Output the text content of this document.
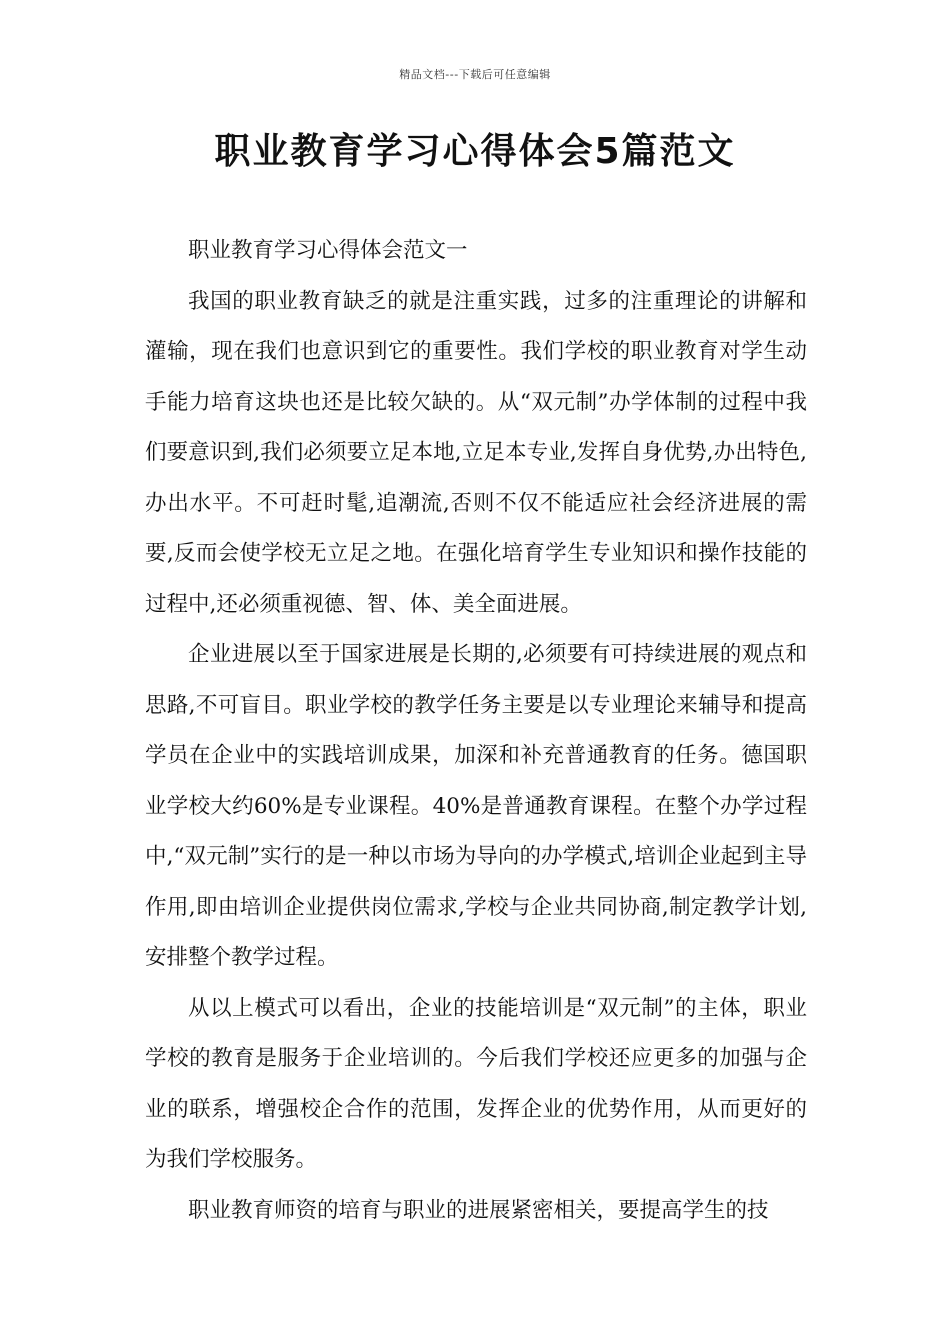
精品文档---下载后可任意编辑
职业教育学习心得体会5篇范文

职业教育学习心得体会范文一

我国的职业教育缺乏的就是注重实践，过多的注重理论的讲解和灌输，现在我们也意识到它的重要性。我们学校的职业教育对学生动手能力培育这块也还是比较欠缺的。从“双元制”办学体制的过程中我们要意识到,我们必须要立足本地,立足本专业,发挥自身优势,办出特色,办出水平。不可赶时髦,追潮流,否则不仅不能适应社会经济进展的需要,反而会使学校无立足之地。在强化培育学生专业知识和操作技能的过程中,还必须重视德、智、体、美全面进展。

企业进展以至于国家进展是长期的,必须要有可持续进展的观点和思路,不可盲目。职业学校的教学任务主要是以专业理论来辅导和提高学员在企业中的实践培训成果，加深和补充普通教育的任务。德国职业学校大约60%是专业课程。40%是普通教育课程。在整个办学过程中,“双元制”实行的是一种以市场为导向的办学模式,培训企业起到主导作用,即由培训企业提供岗位需求,学校与企业共同协商,制定教学计划,安排整个教学过程。

从以上模式可以看出，企业的技能培训是“双元制”的主体，职业学校的教育是服务于企业培训的。今后我们学校还应更多的加强与企业的联系，增强校企合作的范围，发挥企业的优势作用，从而更好的为我们学校服务。

职业教育师资的培育与职业的进展紧密相关，要提高学生的技
